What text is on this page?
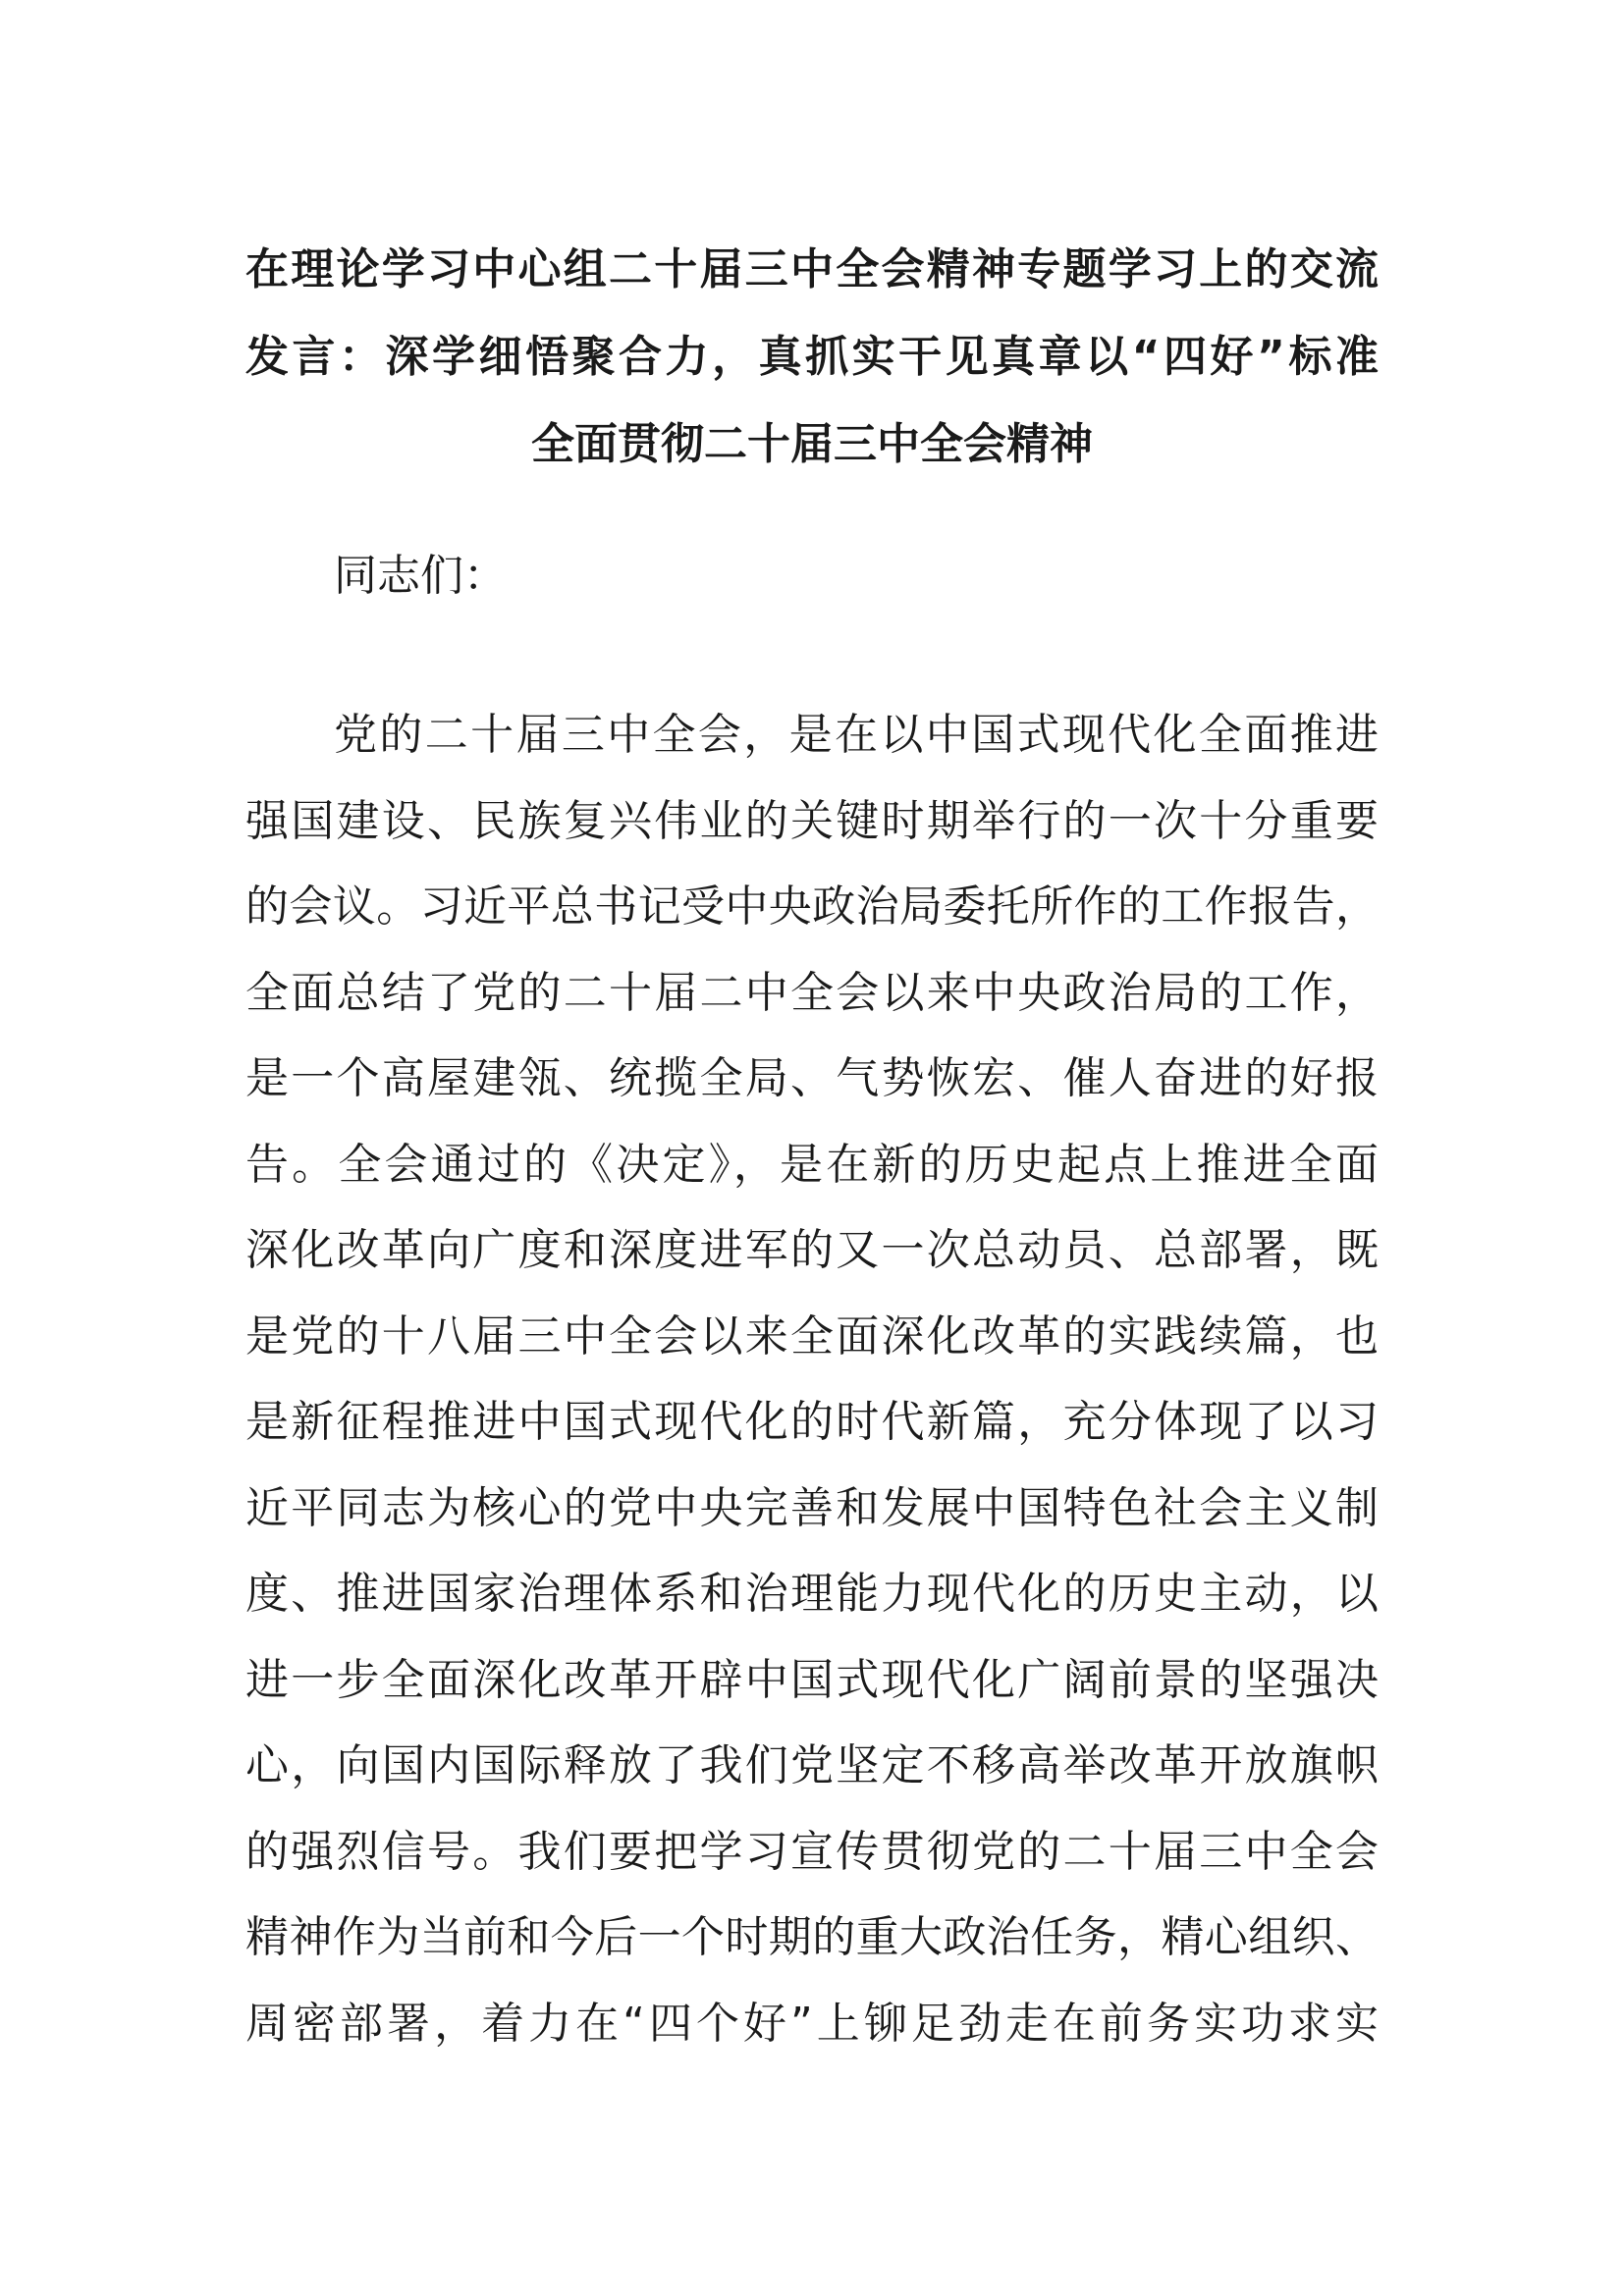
在理论学习中心组二十届三中全会精神专题学习上的交流
发言：深学细悟聚合力，真抓实干见真章以“四好”标准
全面贯彻二十届三中全会精神

同志们：

党的二十届三中全会，是在以中国式现代化全面推进
强国建设、民族复兴伟业的关键时期举行的一次十分重要
的会议。习近平总书记受中央政治局委托所作的工作报告，
全面总结了党的二十届二中全会以来中央政治局的工作，
是一个高屋建瓴、统揽全局、气势恢宏、催人奋进的好报
告。全会通过的《决定》，是在新的历史起点上推进全面
深化改革向广度和深度进军的又一次总动员、总部署，既
是党的十八届三中全会以来全面深化改革的实践续篇，也
是新征程推进中国式现代化的时代新篇，充分体现了以习
近平同志为核心的党中央完善和发展中国特色社会主义制
度、推进国家治理体系和治理能力现代化的历史主动，以
进一步全面深化改革开辟中国式现代化广阔前景的坚强决
心，向国内国际释放了我们党坚定不移高举改革开放旗帜
的强烈信号。我们要把学习宣传贯彻党的二十届三中全会
精神作为当前和今后一个时期的重大政治任务，精心组织、
周密部署，着力在“四个好”上铆足劲走在前务实功求实
